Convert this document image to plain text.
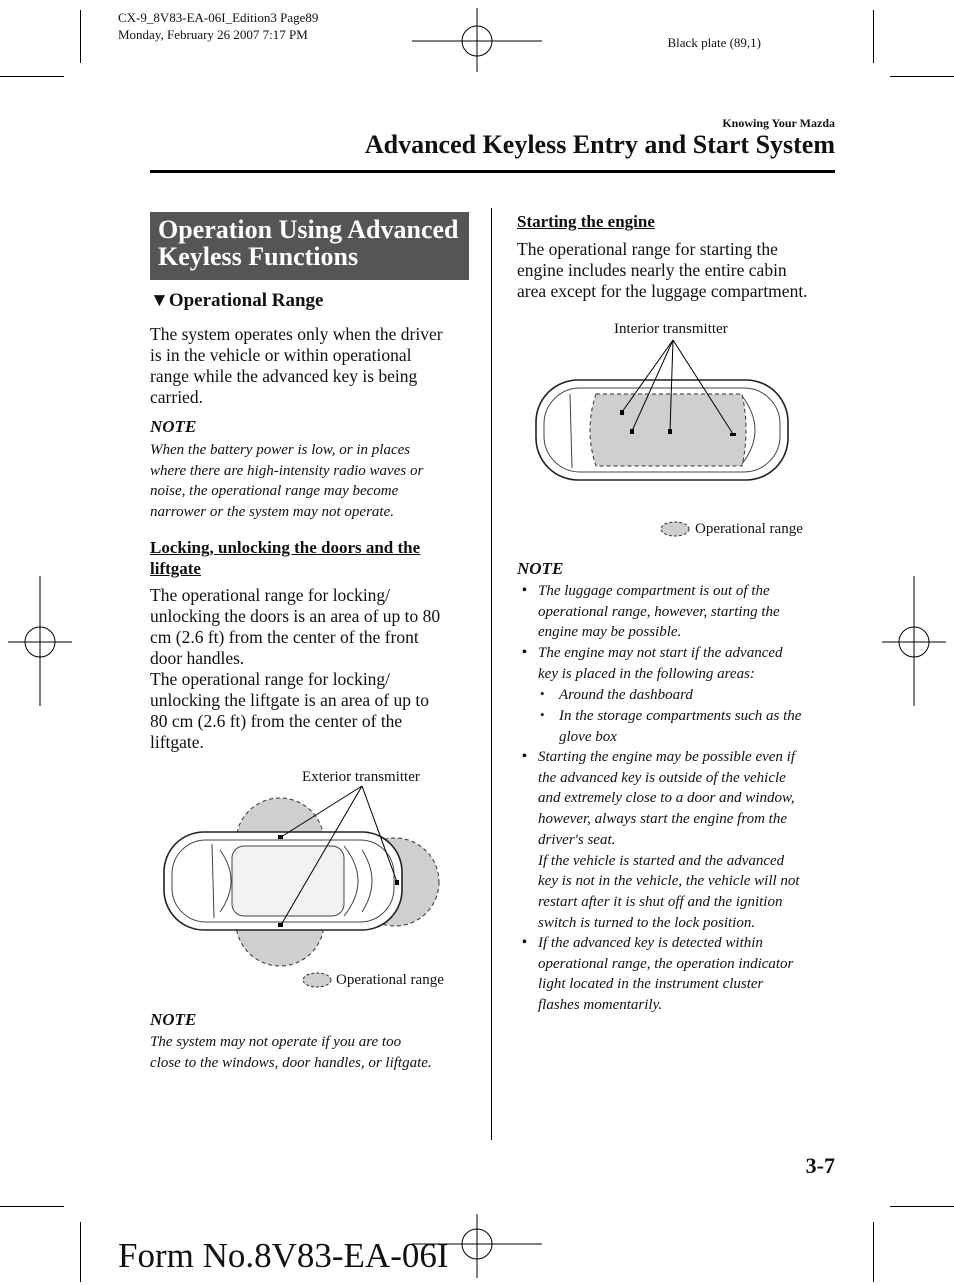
CX-9_8V83-EA-06I_Edition3 Page89
Monday, February 26 2007 7:17 PM
Black plate (89,1)
Knowing Your Mazda
Advanced Keyless Entry and Start System
Operation Using Advanced Keyless Functions
▼Operational Range
The system operates only when the driver
is in the vehicle or within operational
range while the advanced key is being
carried.
NOTE
When the battery power is low, or in places
where there are high-intensity radio waves or
noise, the operational range may become
narrower or the system may not operate.
Locking, unlocking the doors and the
liftgate
The operational range for locking/
unlocking the doors is an area of up to 80
cm (2.6 ft) from the center of the front
door handles.
The operational range for locking/
unlocking the liftgate is an area of up to
80 cm (2.6 ft) from the center of the
liftgate.
Exterior transmitter
Operational range
NOTE
The system may not operate if you are too
close to the windows, door handles, or liftgate.
Starting the engine
The operational range for starting the
engine includes nearly the entire cabin
area except for the luggage compartment.
Interior transmitter
Operational range
NOTE
• The luggage compartment is out of the
operational range, however, starting the
engine may be possible.
• The engine may not start if the advanced
key is placed in the following areas:
• Around the dashboard
• In the storage compartments such as the
glove box
• Starting the engine may be possible even if
the advanced key is outside of the vehicle
and extremely close to a door and window,
however, always start the engine from the
driver's seat.
If the vehicle is started and the advanced
key is not in the vehicle, the vehicle will not
restart after it is shut off and the ignition
switch is turned to the lock position.
• If the advanced key is detected within
operational range, the operation indicator
light located in the instrument cluster
flashes momentarily.
3-7
Form No.8V83-EA-06I
